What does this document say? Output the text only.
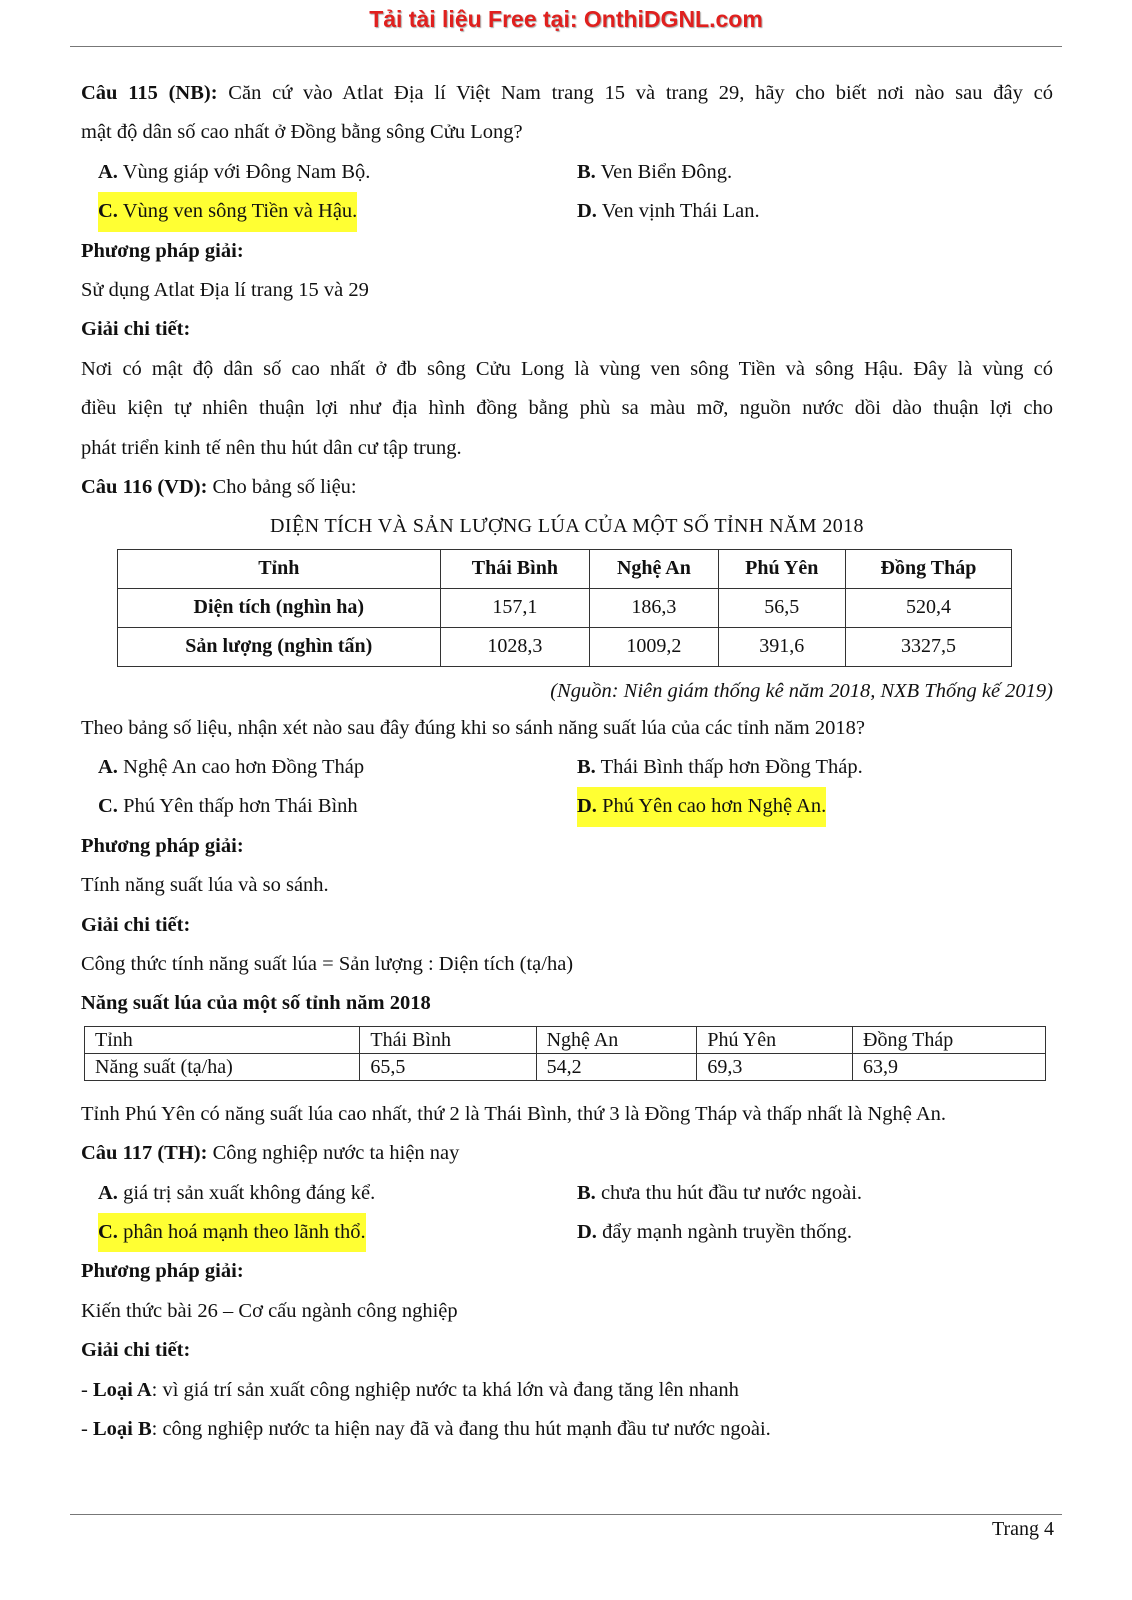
Tải tài liệu Free tại: OnthiDGNL.com
Câu 115 (NB): Căn cứ vào Atlat Địa lí Việt Nam trang 15 và trang 29, hãy cho biết nơi nào sau đây có
mật độ dân số cao nhất ở Đồng bằng sông Cửu Long?
A. Vùng giáp với Đông Nam Bộ.	B. Ven Biển Đông.
C. Vùng ven sông Tiền và Hậu.	D. Ven vịnh Thái Lan.
Phương pháp giải:
Sử dụng Atlat Địa lí trang 15 và 29
Giải chi tiết:
Nơi có mật độ dân số cao nhất ở đb sông Cửu Long là vùng ven sông Tiền và sông Hậu. Đây là vùng có
điều kiện tự nhiên thuận lợi như địa hình đồng bằng phù sa màu mỡ, nguồn nước dồi dào thuận lợi cho
phát triển kinh tế nên thu hút dân cư tập trung.
Câu 116 (VD): Cho bảng số liệu:
DIỆN TÍCH VÀ SẢN LƯỢNG LÚA CỦA MỘT SỐ TỈNH NĂM 2018
Tỉnh	Thái Bình	Nghệ An	Phú Yên	Đồng Tháp
Diện tích (nghìn ha)	157,1	186,3	56,5	520,4
Sản lượng (nghìn tấn)	1028,3	1009,2	391,6	3327,5
(Nguồn: Niên giám thống kê năm 2018, NXB Thống kế 2019)
Theo bảng số liệu, nhận xét nào sau đây đúng khi so sánh năng suất lúa của các tỉnh năm 2018?
A. Nghệ An cao hơn Đồng Tháp	B. Thái Bình thấp hơn Đồng Tháp.
C. Phú Yên thấp hơn Thái Bình	D. Phú Yên cao hơn Nghệ An.
Phương pháp giải:
Tính năng suất lúa và so sánh.
Giải chi tiết:
Công thức tính năng suất lúa = Sản lượng : Diện tích (tạ/ha)
Năng suất lúa của một số tỉnh năm 2018
Tỉnh	Thái Bình	Nghệ An	Phú Yên	Đồng Tháp
Năng suất (tạ/ha)	65,5	54,2	69,3	63,9
Tỉnh Phú Yên có năng suất lúa cao nhất, thứ 2 là Thái Bình, thứ 3 là Đồng Tháp và thấp nhất là Nghệ An.
Câu 117 (TH): Công nghiệp nước ta hiện nay
A. giá trị sản xuất không đáng kể.	B. chưa thu hút đầu tư nước ngoài.
C. phân hoá mạnh theo lãnh thổ.	D. đẩy mạnh ngành truyền thống.
Phương pháp giải:
Kiến thức bài 26 – Cơ cấu ngành công nghiệp
Giải chi tiết:
- Loại A: vì giá trí sản xuất công nghiệp nước ta khá lớn và đang tăng lên nhanh
- Loại B: công nghiệp nước ta hiện nay đã và đang thu hút mạnh đầu tư nước ngoài.
Trang 4
